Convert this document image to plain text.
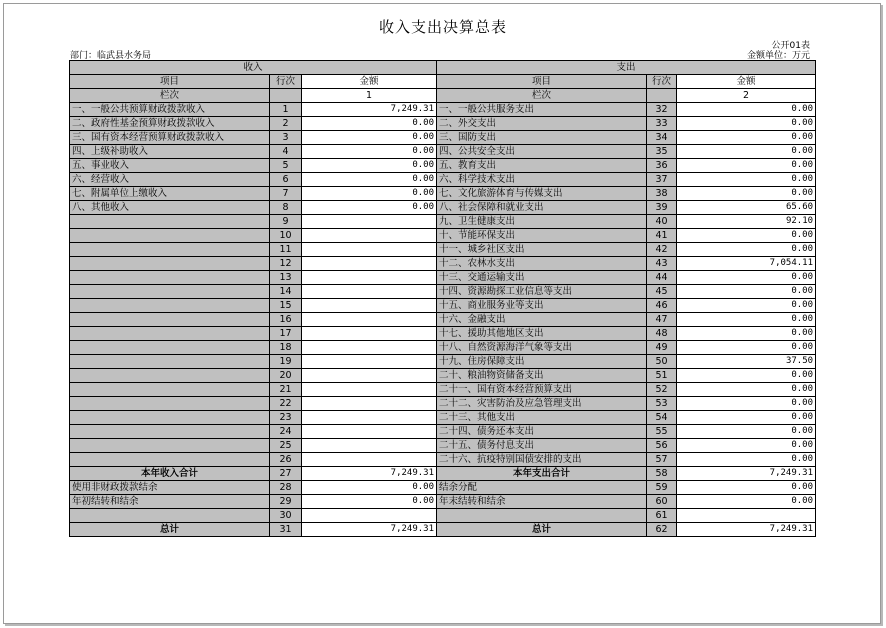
收入支出决算总表
公开01表
部门：临武县水务局	金额单位：万元
收入			支出		
项目	行次	金额	项目	行次	金额
栏次		1	栏次		2
一、一般公共预算财政拨款收入	1	7,249.31	一、一般公共服务支出	32	0.00
二、政府性基金预算财政拨款收入	2	0.00	二、外交支出	33	0.00
三、国有资本经营预算财政拨款收入	3	0.00	三、国防支出	34	0.00
四、上级补助收入	4	0.00	四、公共安全支出	35	0.00
五、事业收入	5	0.00	五、教育支出	36	0.00
六、经营收入	6	0.00	六、科学技术支出	37	0.00
七、附属单位上缴收入	7	0.00	七、文化旅游体育与传媒支出	38	0.00
八、其他收入	8	0.00	八、社会保障和就业支出	39	65.60
	9		九、卫生健康支出	40	92.10
	10		十、节能环保支出	41	0.00
	11		十一、城乡社区支出	42	0.00
	12		十二、农林水支出	43	7,054.11
	13		十三、交通运输支出	44	0.00
	14		十四、资源勘探工业信息等支出	45	0.00
	15		十五、商业服务业等支出	46	0.00
	16		十六、金融支出	47	0.00
	17		十七、援助其他地区支出	48	0.00
	18		十八、自然资源海洋气象等支出	49	0.00
	19		十九、住房保障支出	50	37.50
	20		二十、粮油物资储备支出	51	0.00
	21		二十一、国有资本经营预算支出	52	0.00
	22		二十二、灾害防治及应急管理支出	53	0.00
	23		二十三、其他支出	54	0.00
	24		二十四、债务还本支出	55	0.00
	25		二十五、债务付息支出	56	0.00
	26		二十六、抗疫特别国债安排的支出	57	0.00
本年收入合计	27	7,249.31	本年支出合计	58	7,249.31
使用非财政拨款结余	28	0.00	结余分配	59	0.00
年初结转和结余	29	0.00	年末结转和结余	60	0.00
	30			61	
总计	31	7,249.31	总计	62	7,249.31
